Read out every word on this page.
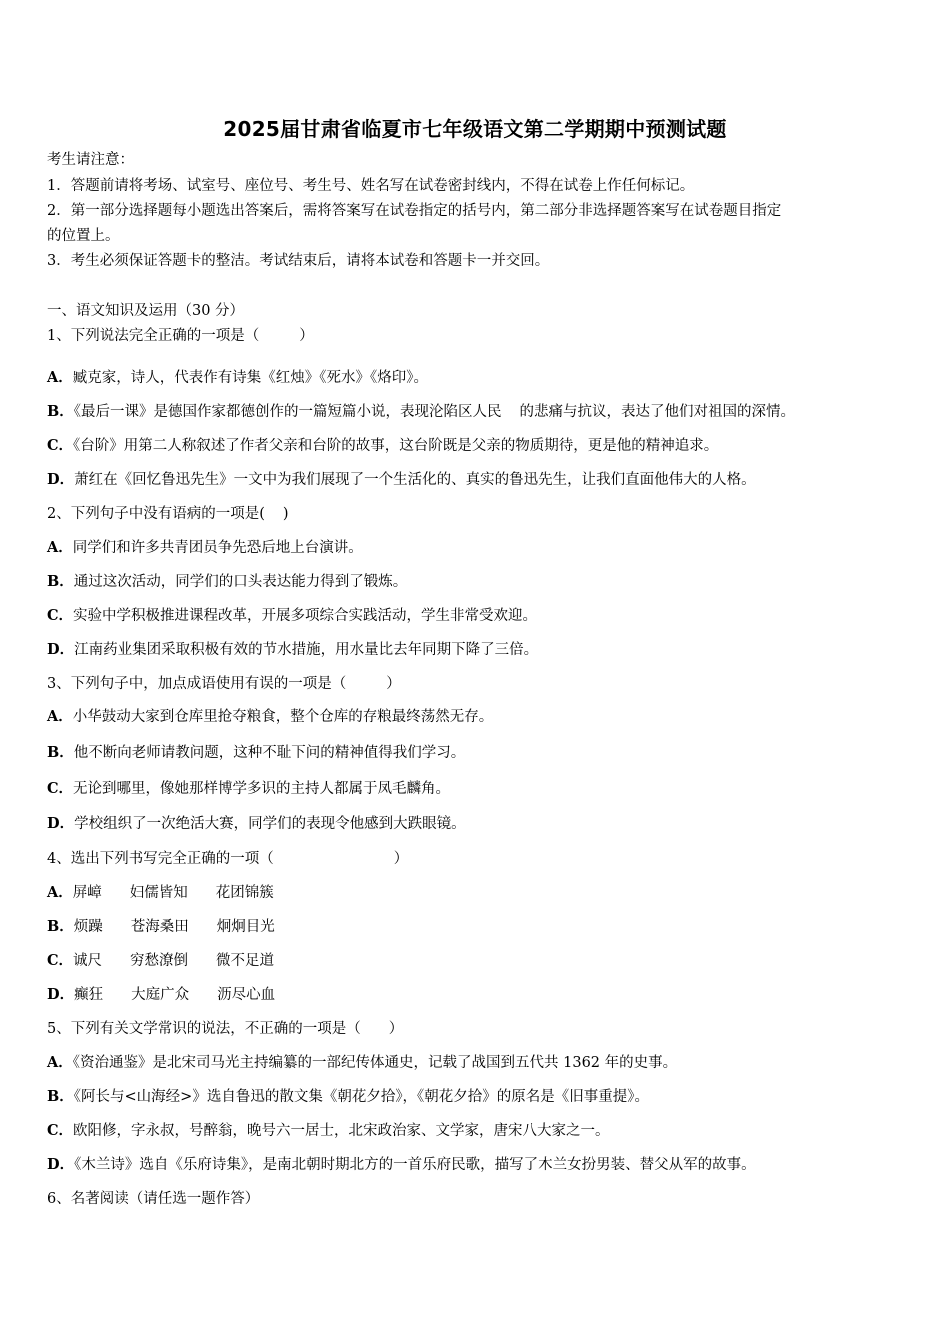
2025届甘肃省临夏市七年级语文第二学期期中预测试题
考生请注意：
1．答题前请将考场、试室号、座位号、考生号、姓名写在试卷密封线内，不得在试卷上作任何标记。
2．第一部分选择题每小题选出答案后，需将答案写在试卷指定的括号内，第二部分非选择题答案写在试卷题目指定
的位置上。
3．考生必须保证答题卡的整洁。考试结束后，请将本试卷和答题卡一并交回。
一、语文知识及运用（30 分）
1、下列说法完全正确的一项是（	）
A．臧克家，诗人，代表作有诗集《红烛》《死水》《烙印》。
B．《最后一课》是德国作家都德创作的一篇短篇小说，表现沦陷区人民 的悲痛与抗议，表达了他们对祖国的深情。
C．《台阶》用第二人称叙述了作者父亲和台阶的故事，这台阶既是父亲的物质期待，更是他的精神追求。
D．萧红在《回忆鲁迅先生》一文中为我们展现了一个生活化的、真实的鲁迅先生，让我们直面他伟大的人格。
2、下列句子中没有语病的一项是( )
A．同学们和许多共青团员争先恐后地上台演讲。
B．通过这次活动，同学们的口头表达能力得到了锻炼。
C．实验中学积极推进课程改革，开展多项综合实践活动，学生非常受欢迎。
D．江南药业集团采取积极有效的节水措施，用水量比去年同期下降了三倍。
3、下列句子中，加点成语使用有误的一项是（	）
A．小华鼓动大家到仓库里抢夺粮食，整个仓库的存粮最终荡然无存。
B．他不断向老师请教问题，这种不耻下问的精神值得我们学习。
C．无论到哪里，像她那样博学多识的主持人都属于凤毛麟角。
D．学校组织了一次绝活大赛，同学们的表现令他感到大跌眼镜。
4、选出下列书写完全正确的一项（	）
A．屏嶂 妇儒皆知 花团锦簇
B．烦躁 苍海桑田 炯炯目光
C．诚尺 穷愁潦倒 微不足道
D．癫狂 大庭广众 沥尽心血
5、下列有关文学常识的说法，不正确的一项是（ ）
A．《资治通鉴》是北宋司马光主持编纂的一部纪传体通史，记载了战国到五代共 1362 年的史事。
B．《阿长与<山海经>》选自鲁迅的散文集《朝花夕拾》，《朝花夕拾》的原名是《旧事重提》。
C．欧阳修，字永叔，号醉翁，晚号六一居士，北宋政治家、文学家，唐宋八大家之一。
D．《木兰诗》选自《乐府诗集》，是南北朝时期北方的一首乐府民歌，描写了木兰女扮男装、替父从军的故事。
6、名著阅读（请任选一题作答）
